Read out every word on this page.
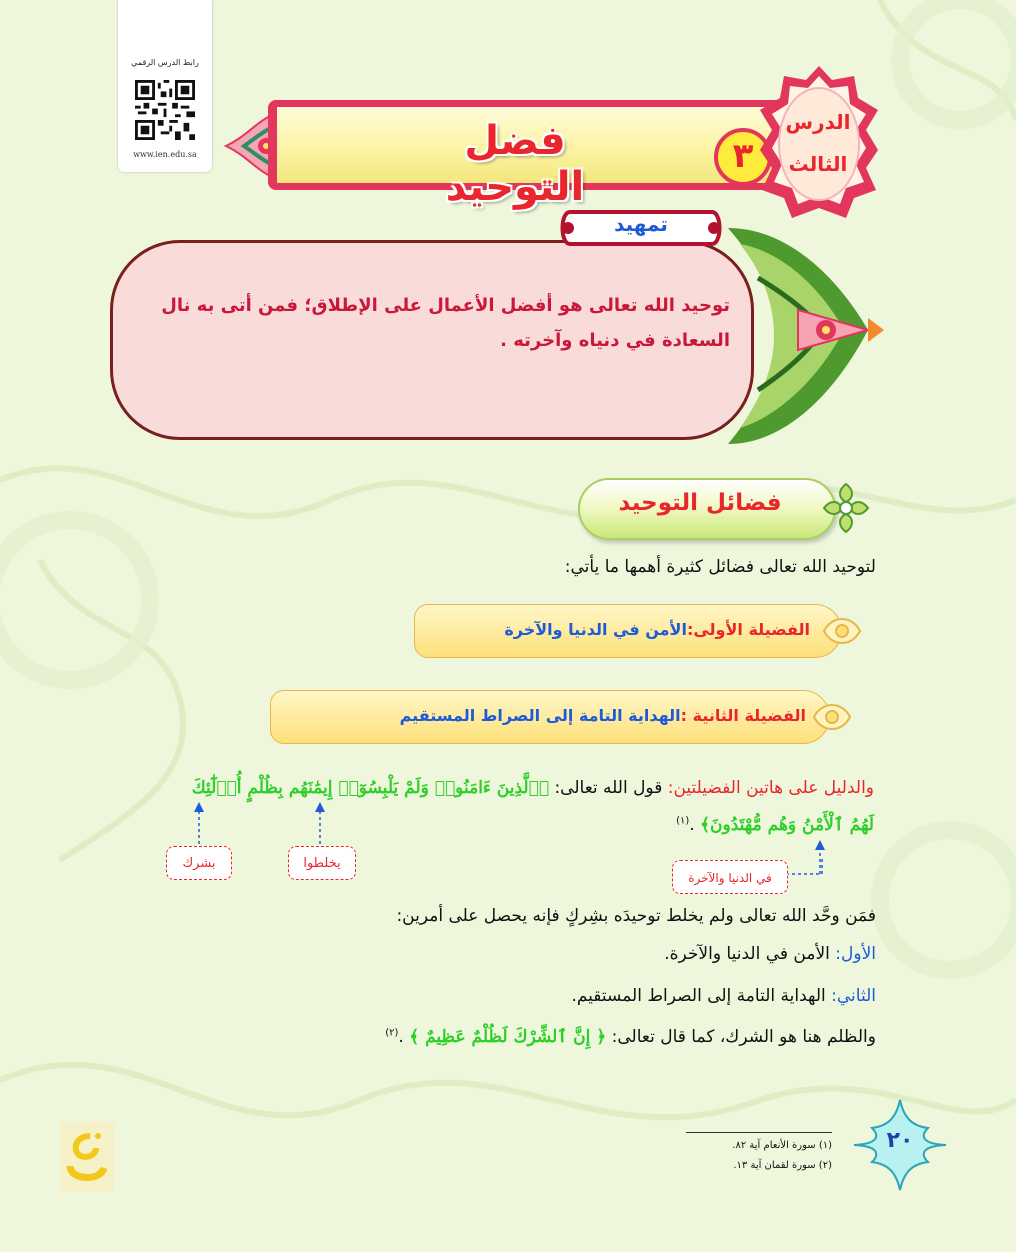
رابط الدرس الرقمي
www.ien.edu.sa	فضل التوحيد
٣
الدرس
الثالث
تمهيد
توحيد الله تعالى هو أفضل الأعمال على الإطلاق؛ فمن أتى به نال السعادة في دنياه وآخرته .
فضائل التوحيد
لتوحيد الله تعالى فضائل كثيرة أهمها ما يأتي:
الفضيلة الأولى:الأمن في الدنيا والآخرة
الفضيلة الثانية :الهداية التامة إلى الصراط المستقيم
والدليل على هاتين الفضيلتين: قول الله تعالى: ﴿ٱلَّذِينَ ءَامَنُوا۟ وَلَمْ يَلْبِسُوٓا۟ إِيمَٰنَهُم بِظُلْمٍ أُو۟لَٰٓئِكَ
لَهُمُ ٱلْأَمْنُ وَهُم مُّهْتَدُونَ﴾ .$^{(١)}$
بشرك	يخلطوا
في الدنيا والآخرة
فمَن وحَّد الله تعالى ولم يخلط توحيدَه بشِركٍ فإنه يحصل على أمرين:
الأول: الأمن في الدنيا والآخرة.
الثاني: الهداية التامة إلى الصراط المستقيم.
والظلم هنا هو الشرك، كما قال تعالى: ﴿ إِنَّ ٱلشِّرْكَ لَظُلْمٌ عَظِيمٌ ﴾ .$^{(٢)}$
(١) سورة الأنعام آية ٨٢.
(٢) سورة لقمان آية ١٣.
٢٠
